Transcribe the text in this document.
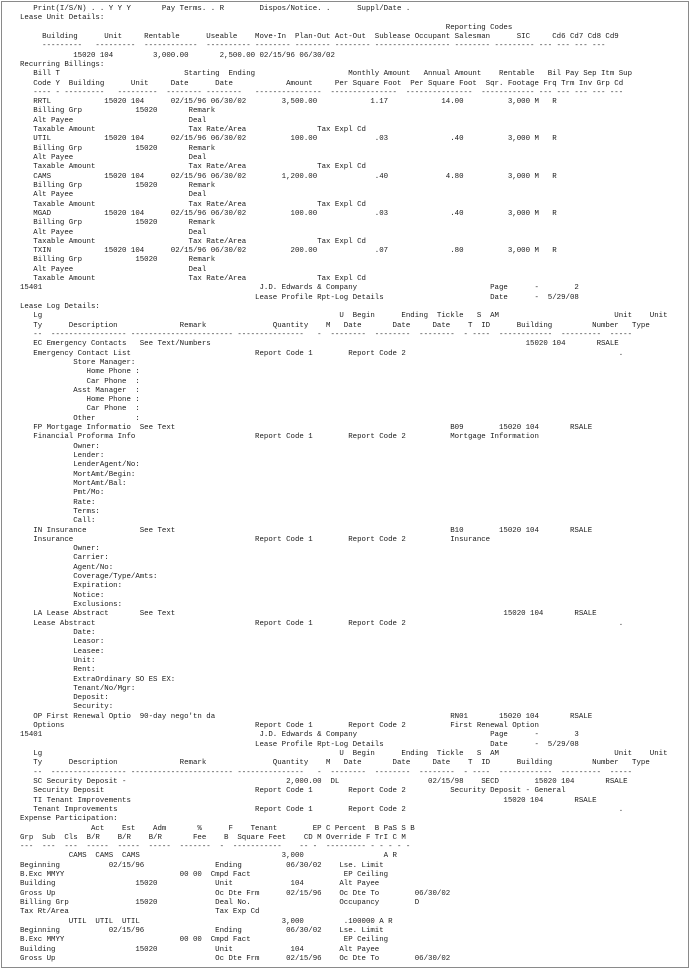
Print(I/S/N) . . Y Y Y       Pay Terms. . R        Dispos/Notice. .      Suppl/Date .
Lease Unit Details:
Reporting Codes
Building      Unit     Rentable      Useable    Move-In  Plan-Out Act-Out  Sublease Occupant Salesman      SIC     Cd6 Cd7 Cd8 Cd9
---------   ---------  ------------  ---------- -------- -------- -------- ----------------- -------- --------- --- --- --- ---
15020 104         3,000.00       2,500.00 02/15/96 06/30/02
Recurring Billings:
Bill T                            Starting  Ending                     Monthly Amount   Annual Amount    Rentable   Bil Pay Sep Itm Sup
Code Y  Building      Unit     Date      Date            Amount     Per Square Foot  Per Square Foot  Sqr. Footage Frq Trm Inv Grp Cd
---- - ---------   ---------  -------- --------   ---------------  ---------------  ---------------  ------------ --- --- --- --- ---
RRTL            15020 104      02/15/96 06/30/02        3,500.00            1.17            14.00          3,000 M   R
Billing Grp            15020       Remark
Alt Payee                          Deal
Taxable Amount                     Tax Rate/Area                Tax Expl Cd
UTIL            15020 104      02/15/96 06/30/02          100.00             .03              .40          3,000 M   R
Billing Grp            15020       Remark
Alt Payee                          Deal
Taxable Amount                     Tax Rate/Area                Tax Expl Cd
CAMS            15020 104      02/15/96 06/30/02        1,200.00             .40             4.80          3,000 M   R
Billing Grp            15020       Remark
Alt Payee                          Deal
Taxable Amount                     Tax Rate/Area                Tax Expl Cd
MGAD            15020 104      02/15/96 06/30/02          100.00             .03              .40          3,000 M   R
Billing Grp            15020       Remark
Alt Payee                          Deal
Taxable Amount                     Tax Rate/Area                Tax Expl Cd
TXIN            15020 104      02/15/96 06/30/02          200.00             .07              .80          3,000 M   R
Billing Grp            15020       Remark
Alt Payee                          Deal
Taxable Amount                     Tax Rate/Area                Tax Expl Cd
15401                                                 J.D. Edwards & Company                              Page      -        2
Lease Profile Rpt-Log Details                        Date      -  5/29/08
Lease Log Details:
Lg                                                                   U  Begin      Ending  Tickle   S  AM                          Unit    Unit
Ty      Description              Remark               Quantity    M   Date       Date     Date    T  ID      Building         Number   Type
--  ----------------- ----------------------- ---------------   -  --------  --------  --------  - ----  ------------  ---------  -----
EC Emergency Contacts   See Text/Numbers                                                                       15020 104       RSALE
Emergency Contact List                            Report Code 1        Report Code 2                                                .
Store Manager:
Home Phone :
Car Phone  :
Asst Manager  :
Home Phone :
Car Phone  :
Other         :
FP Mortgage Informatio  See Text                                                              B09        15020 104       RSALE
Financial Proforma Info                           Report Code 1        Report Code 2          Mortgage Information
Owner:
Lender:
LenderAgent/No:
MortAmt/Begin:
MortAmt/Bal:
Pmt/Mo:
Rate:
Terms:
Call:
IN Insurance            See Text                                                              B10        15020 104       RSALE
Insurance                                         Report Code 1        Report Code 2          Insurance
Owner:
Carrier:
Agent/No:
Coverage/Type/Amts:
Expiration:
Notice:
Exclusions:
LA Lease Abstract       See Text                                                                          15020 104       RSALE
Lease Abstract                                    Report Code 1        Report Code 2                                                .
Date:
Leasor:
Leasee:
Unit:
Rent:
ExtraOrdinary SO ES EX:
Tenant/No/Mgr:
Deposit:
Security:
OP First Renewal Optio  90-day nego'tn da                                                     RN01       15020 104       RSALE
Options                                           Report Code 1        Report Code 2          First Renewal Option
15401                                                 J.D. Edwards & Company                              Page      -        3
Lease Profile Rpt-Log Details                        Date      -  5/29/08
Lg                                                                   U  Begin      Ending  Tickle   S  AM                          Unit    Unit
Ty      Description              Remark               Quantity    M   Date       Date     Date    T  ID      Building         Number   Type
--  ----------------- ----------------------- ---------------   -  --------  --------  --------  - ----  ------------  ---------  -----
SC Security Deposit -                                    2,000.00  DL                    02/15/98    SECD        15020 104       RSALE
Security Deposit                                  Report Code 1        Report Code 2          Security Deposit - General
TI Tenant Improvements                                                                                    15020 104       RSALE
Tenant Improvements                               Report Code 1        Report Code 2                                                .
Expense Participation:
Act    Est    Adm       %      F    Tenant        EP C Percent  B PaS S B
Grp  Sub  Cls  B/R    B/R    B/R       Fee    B  Square Feet    CD M Override F TrI C M
---  ---  ---  -----  -----  -----  -------  -  -----------    -- -  --------- - - - - -
CAMS  CAMS  CAMS                                3,000                  A R
Beginning           02/15/96                Ending          06/30/02    Lse. Limit
B.Exc MMYY                          00 00  Cmpd Fact                     EP Ceiling
Building                  15020             Unit             104        Alt Payee
Gross Up                                    Oc Dte Frm      02/15/96    Oc Dte To        06/30/02
Billing Grp               15020             Deal No.                    Occupancy        D
Tax Rt/Area                                 Tax Exp Cd
UTIL  UTIL  UTIL                                3,000         .100000 A R
Beginning           02/15/96                Ending          06/30/02    Lse. Limit
B.Exc MMYY                          00 00  Cmpd Fact                     EP Ceiling
Building                  15020             Unit             104        Alt Payee
Gross Up                                    Oc Dte Frm      02/15/96    Oc Dte To        06/30/02
